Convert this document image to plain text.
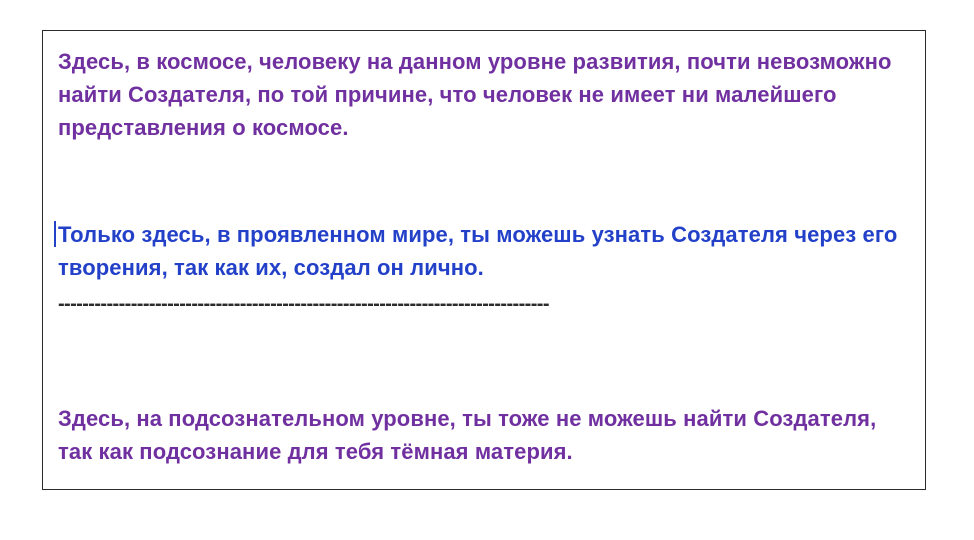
Здесь, в космосе, человеку на данном уровне развития, почти невозможно найти Создателя, по той причине, что человек не имеет ни малейшего представления о космосе.

Только здесь, в проявленном мире, ты можешь узнать Создателя через его творения, так как их, создал он лично.

---------------------------------------------------------------------------------

Здесь, на подсознательном уровне, ты тоже не можешь найти Создателя, так как подсознание для тебя тёмная материя.
